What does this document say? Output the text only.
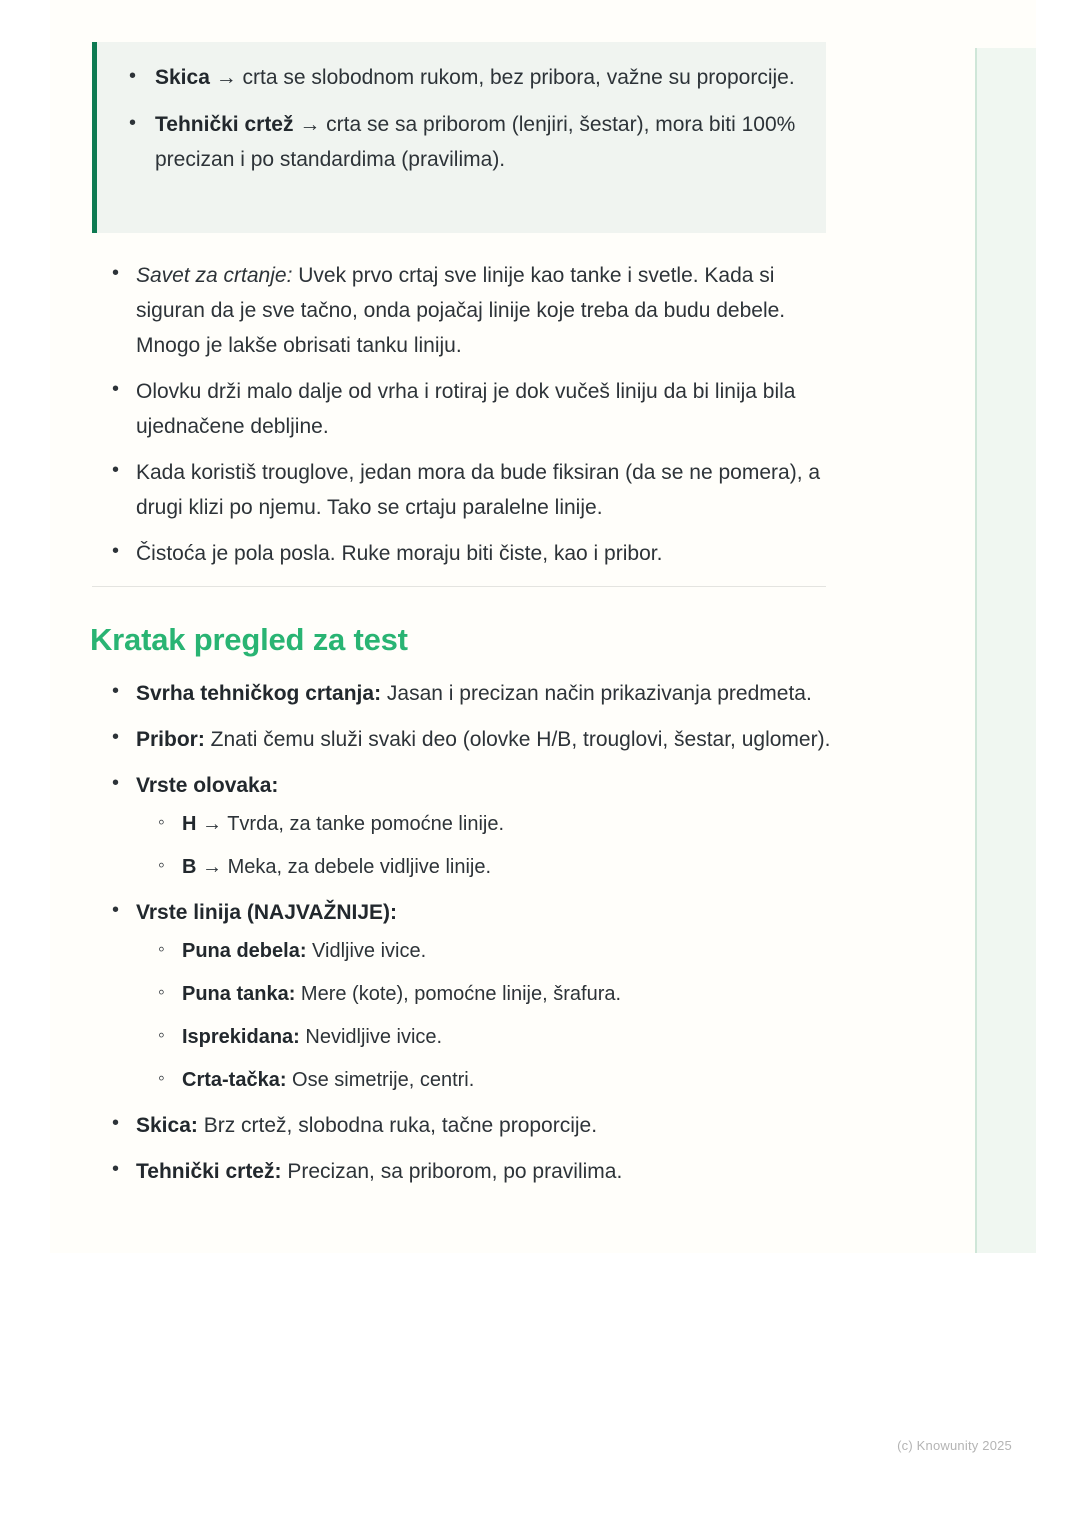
• Skica → crta se slobodnom rukom, bez pribora, važne su proporcije.
• Tehnički crtež → crta se sa priborom (lenjiri, šestar), mora biti 100% precizan i po standardima (pravilima).
• Savet za crtanje: Uvek prvo crtaj sve linije kao tanke i svetle. Kada si siguran da je sve tačno, onda pojačaj linije koje treba da budu debele. Mnogo je lakše obrisati tanku liniju.
• Olovku drži malo dalje od vrha i rotiraj je dok vučeš liniju da bi linija bila ujednačene debljine.
• Kada koristiš trouglove, jedan mora da bude fiksiran (da se ne pomera), a drugi klizi po njemu. Tako se crtaju paralelne linije.
• Čistoća je pola posla. Ruke moraju biti čiste, kao i pribor.
Kratak pregled za test
• Svrha tehničkog crtanja: Jasan i precizan način prikazivanja predmeta.
• Pribor: Znati čemu služi svaki deo (olovke H/B, trouglovi, šestar, uglomer).
• Vrste olovaka:
◦ H → Tvrda, za tanke pomoćne linije.
◦ B → Meka, za debele vidljive linije.
• Vrste linija (NAJVAŽNIJE):
◦ Puna debela: Vidljive ivice.
◦ Puna tanka: Mere (kote), pomoćne linije, šrafura.
◦ Isprekidana: Nevidljive ivice.
◦ Crta-tačka: Ose simetrije, centri.
• Skica: Brz crtež, slobodna ruka, tačne proporcije.
• Tehnički crtež: Precizan, sa priborom, po pravilima.
(c) Knowunity 2025
